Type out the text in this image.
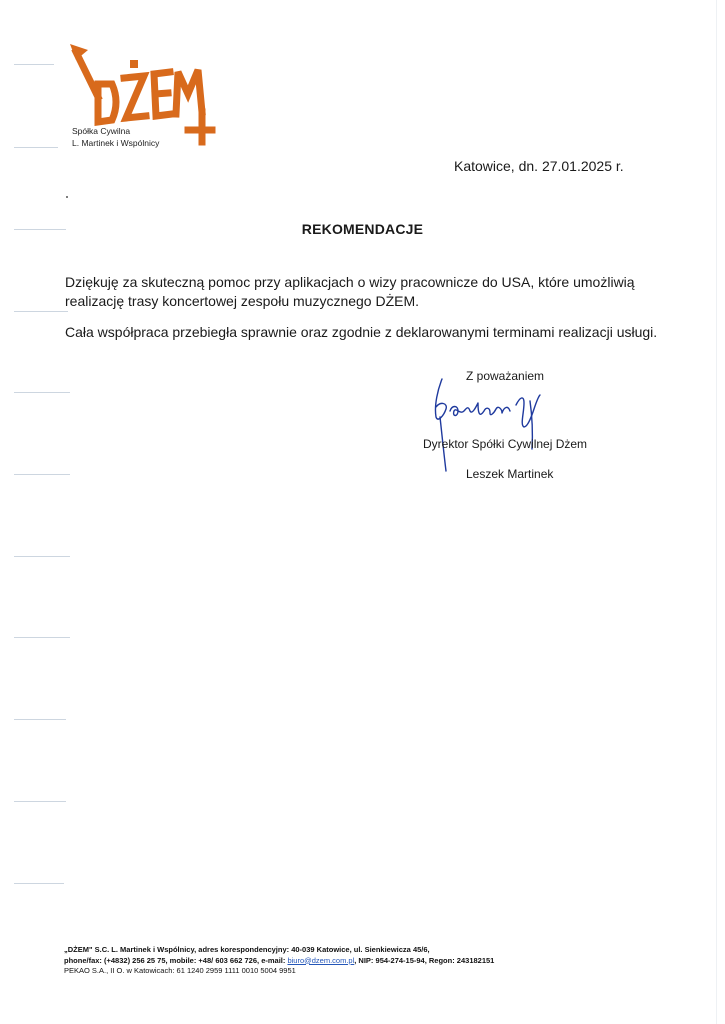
Spółka Cywilna
L. Martinek i Wspólnicy
Katowice, dn. 27.01.2025 r.
REKOMENDACJE
Dziękuję za skuteczną pomoc przy aplikacjach o wizy pracownicze do USA, które umożliwią realizację trasy koncertowej zespołu muzycznego DŻEM.
Cała współpraca przebiegła sprawnie oraz zgodnie z deklarowanymi terminami realizacji usługi.
Z poważaniem
Dyrektor Spółki Cywilnej Dżem
Leszek Martinek
„DŻEM" S.C. L. Martinek i Wspólnicy, adres korespondencyjny: 40-039 Katowice, ul. Sienkiewicza 45/6,
phone/fax: (+4832) 256 25 75, mobile: +48/ 603 662 726, e-mail: biuro@dzem.com.pl, NIP: 954-274-15-94, Regon: 243182151
PEKAO S.A., II O. w Katowicach: 61 1240 2959 1111 0010 5004 9951
